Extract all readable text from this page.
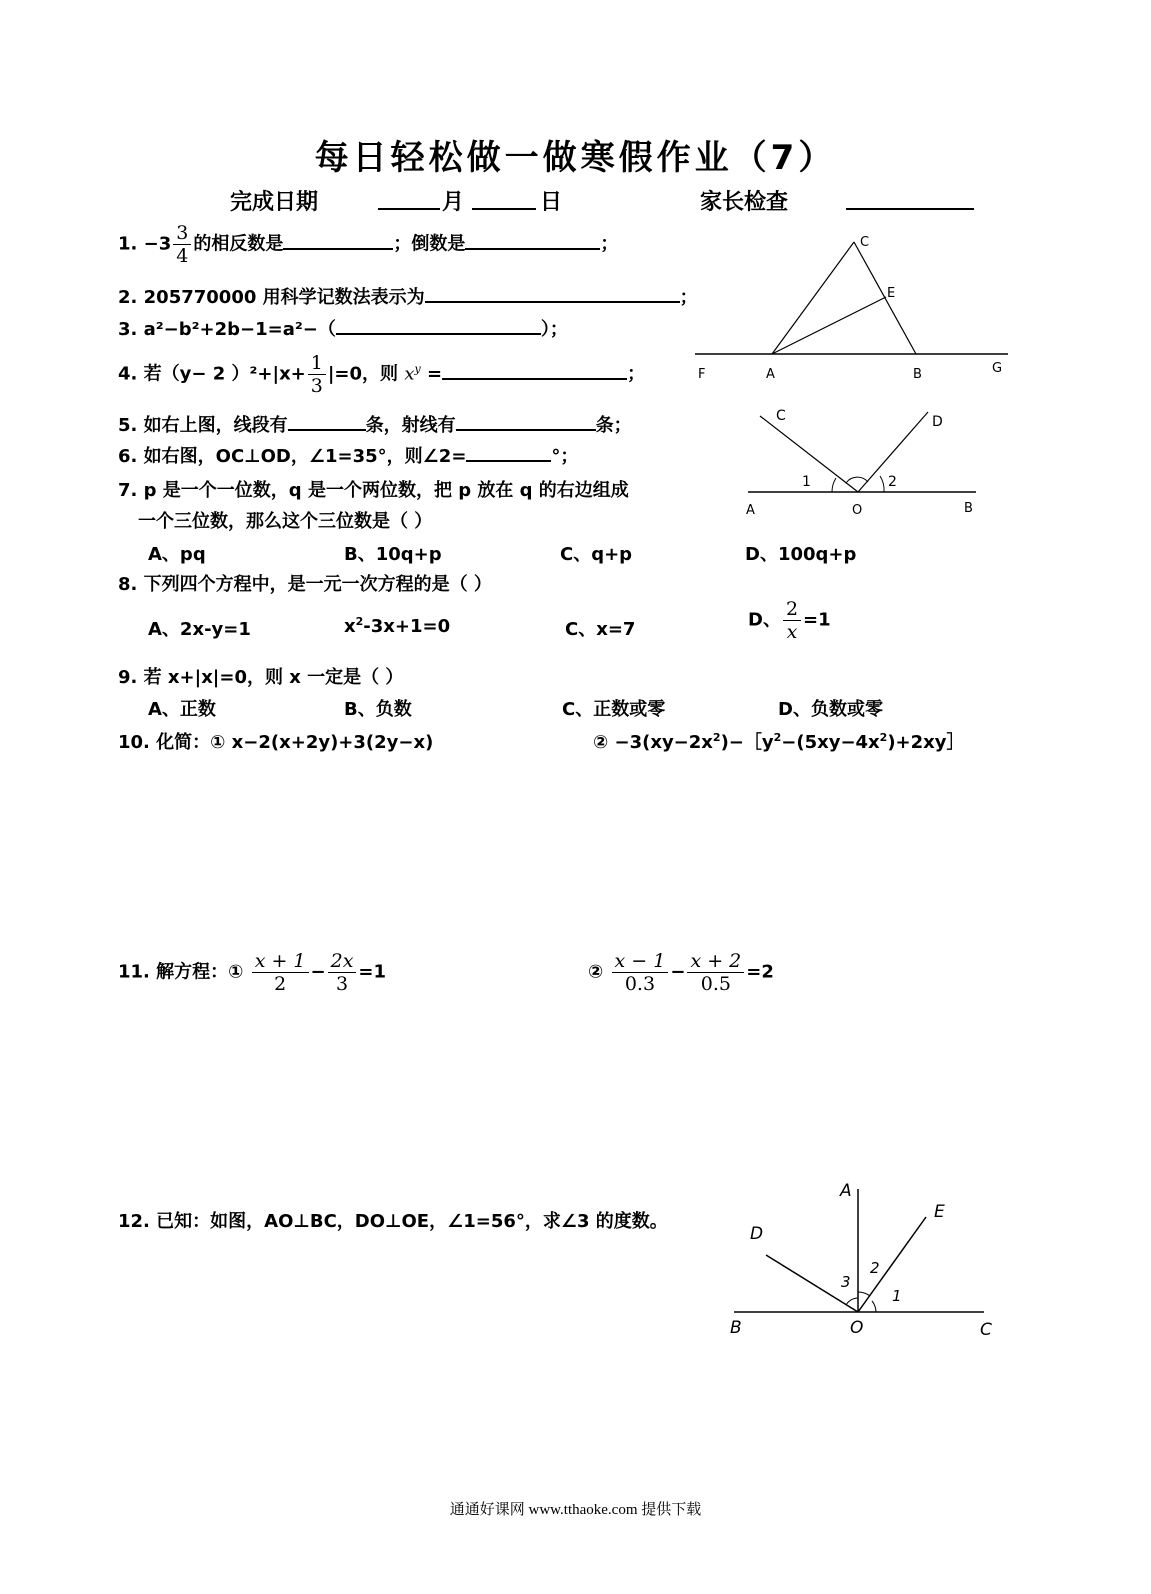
每日轻松做一做寒假作业（7）
完成日期	月	日	家长检查
1. $-3 \frac{3}{4}$ 的相反数是	；倒数是	；
2. 205770000 用科学记数法表示为	；
3. a²−b²+2b−1=a²−（	）；
4. 若（y− 2 ）$^2+|x+ \frac{1}{3} |=0$，则 $x^y$ =	；
5. 如右上图，线段有	条，射线有	条；
6. 如右图，OC⊥OD，∠1=35°，则∠2=	°；
7. p 是一个一位数，q 是一个两位数，把 p 放在 q 的右边组成
一个三位数，那么这个三位数是（ ）
A、pq	B、10q+p	C、q+p	D、100q+p
8. 下列四个方程中，是一元一次方程的是（ ）
A、2x-y=1	$x^2-3x+1=0$	C、x=7	D、 $\frac{2}{x} =1$
9. 若 x+|x|=0，则 x 一定是（ ）
A、正数	B、负数	C、正数或零	D、负数或零
10. 化简：① x−2(x+2y)+3(2y−x)	② $-3(xy-2x^2)-[y^2-(5xy-4x^2)+2xy]$
11. 解方程：① $\frac{x + 1}{2} - \frac{2x}{3} =1$	② $\frac{x - 1}{0.3} - \frac{x + 2}{0.5} =2$
12. 已知：如图，AO⊥BC，DO⊥OE，∠1=56°，求∠3 的度数。
C
E
F	A	B	G
C	D
1	2
A	O	B
A
E
D
3
2
1
B	O	C
通通好课网 www.tthaoke.com 提供下载
